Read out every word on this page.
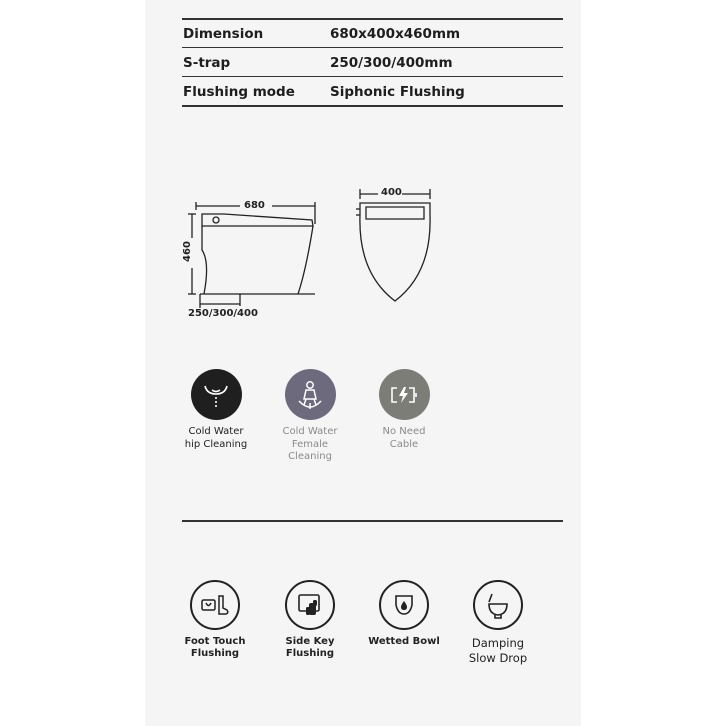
Dimension	680x400x460mm
S-trap	250/300/400mm
Flushing mode	Siphonic Flushing
680
460
250/300/400
400
Cold Water
hip Cleaning
Cold Water
Female
Cleaning
No Need
Cable
Foot Touch
Flushing
Side Key
Flushing
Wetted Bowl	Damping
Slow Drop
